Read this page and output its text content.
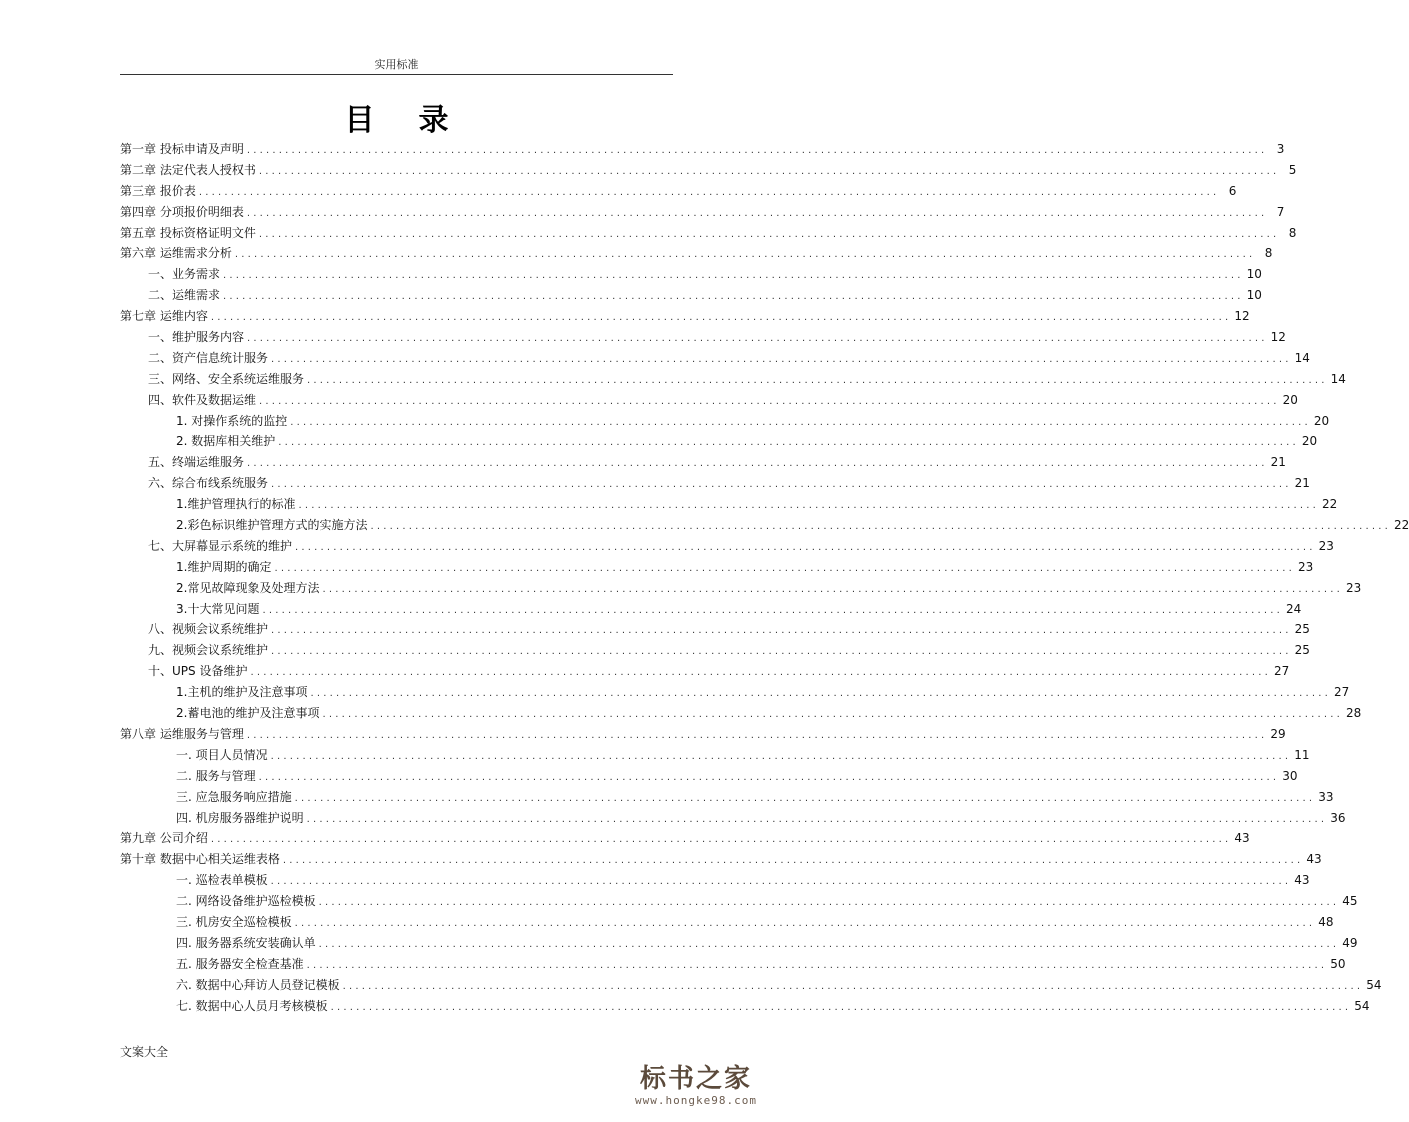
实用标准
目录
第一章 投标申请及声明 ................................................................................................................................................................ 3
第二章 法定代表人授权书 ................................................................................................................................................................ 5
第三章 报价表 ................................................................................................................................................................ 6
第四章 分项报价明细表 ................................................................................................................................................................ 7
第五章 投标资格证明文件 ................................................................................................................................................................ 8
第六章 运维需求分析 ................................................................................................................................................................ 8
一、业务需求 ................................................................................................................................................................ 10
二、运维需求 ................................................................................................................................................................ 10
第七章 运维内容 ................................................................................................................................................................ 12
一、维护服务内容 ................................................................................................................................................................ 12
二、资产信息统计服务 ................................................................................................................................................................ 14
三、网络、安全系统运维服务 ................................................................................................................................................................ 14
四、软件及数据运维 ................................................................................................................................................................ 20
1. 对操作系统的监控 ................................................................................................................................................................ 20
2. 数据库相关维护 ................................................................................................................................................................ 20
五、终端运维服务 ................................................................................................................................................................ 21
六、综合布线系统服务 ................................................................................................................................................................ 21
1.维护管理执行的标准 ................................................................................................................................................................ 22
2.彩色标识维护管理方式的实施方法 ................................................................................................................................................................ 22
七、大屏幕显示系统的维护 ................................................................................................................................................................ 23
1.维护周期的确定 ................................................................................................................................................................ 23
2.常见故障现象及处理方法 ................................................................................................................................................................ 23
3.十大常见问题 ................................................................................................................................................................ 24
八、视频会议系统维护 ................................................................................................................................................................ 25
九、视频会议系统维护 ................................................................................................................................................................ 25
十、UPS 设备维护 ................................................................................................................................................................ 27
1.主机的维护及注意事项 ................................................................................................................................................................ 27
2.蓄电池的维护及注意事项 ................................................................................................................................................................ 28
第八章 运维服务与管理 ................................................................................................................................................................ 29
一. 项目人员情况 ................................................................................................................................................................ 11
二. 服务与管理 ................................................................................................................................................................ 30
三. 应急服务响应措施 ................................................................................................................................................................ 33
四. 机房服务器维护说明 ................................................................................................................................................................ 36
第九章 公司介绍 ................................................................................................................................................................ 43
第十章 数据中心相关运维表格 ................................................................................................................................................................ 43
一. 巡检表单模板 ................................................................................................................................................................ 43
二. 网络设备维护巡检模板 ................................................................................................................................................................ 45
三. 机房安全巡检模板 ................................................................................................................................................................ 48
四. 服务器系统安装确认单 ................................................................................................................................................................ 49
五. 服务器安全检查基准 ................................................................................................................................................................ 50
六. 数据中心拜访人员登记模板 ................................................................................................................................................................ 54
七. 数据中心人员月考核模板 ................................................................................................................................................................ 54
文案大全
标书之家
www.hongke98.com
